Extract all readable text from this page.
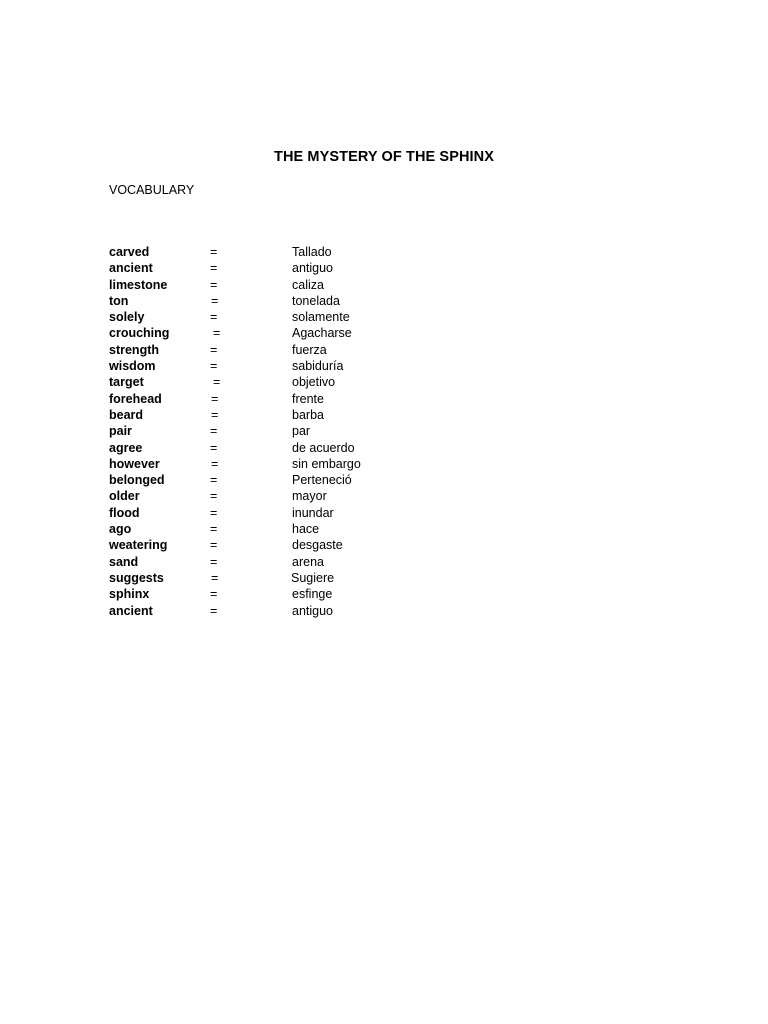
THE MYSTERY OF THE SPHINX
VOCABULARY
carved	=	Tallado
ancient	=	antiguo
limestone	=	caliza
ton	=	tonelada
solely	=	solamente
crouching	=	Agacharse
strength	=	fuerza
wisdom	=	sabiduría
target	=	objetivo
forehead	=	frente
beard	=	barba
pair	=	par
agree	=	de acuerdo
however	=	sin embargo
belonged	=	Perteneció
older	=	mayor
flood	=	inundar
ago	=	hace
weatering	=	desgaste
sand	=	arena
suggests	=	Sugiere
sphinx	=	esfinge
ancient	=	antiguo
